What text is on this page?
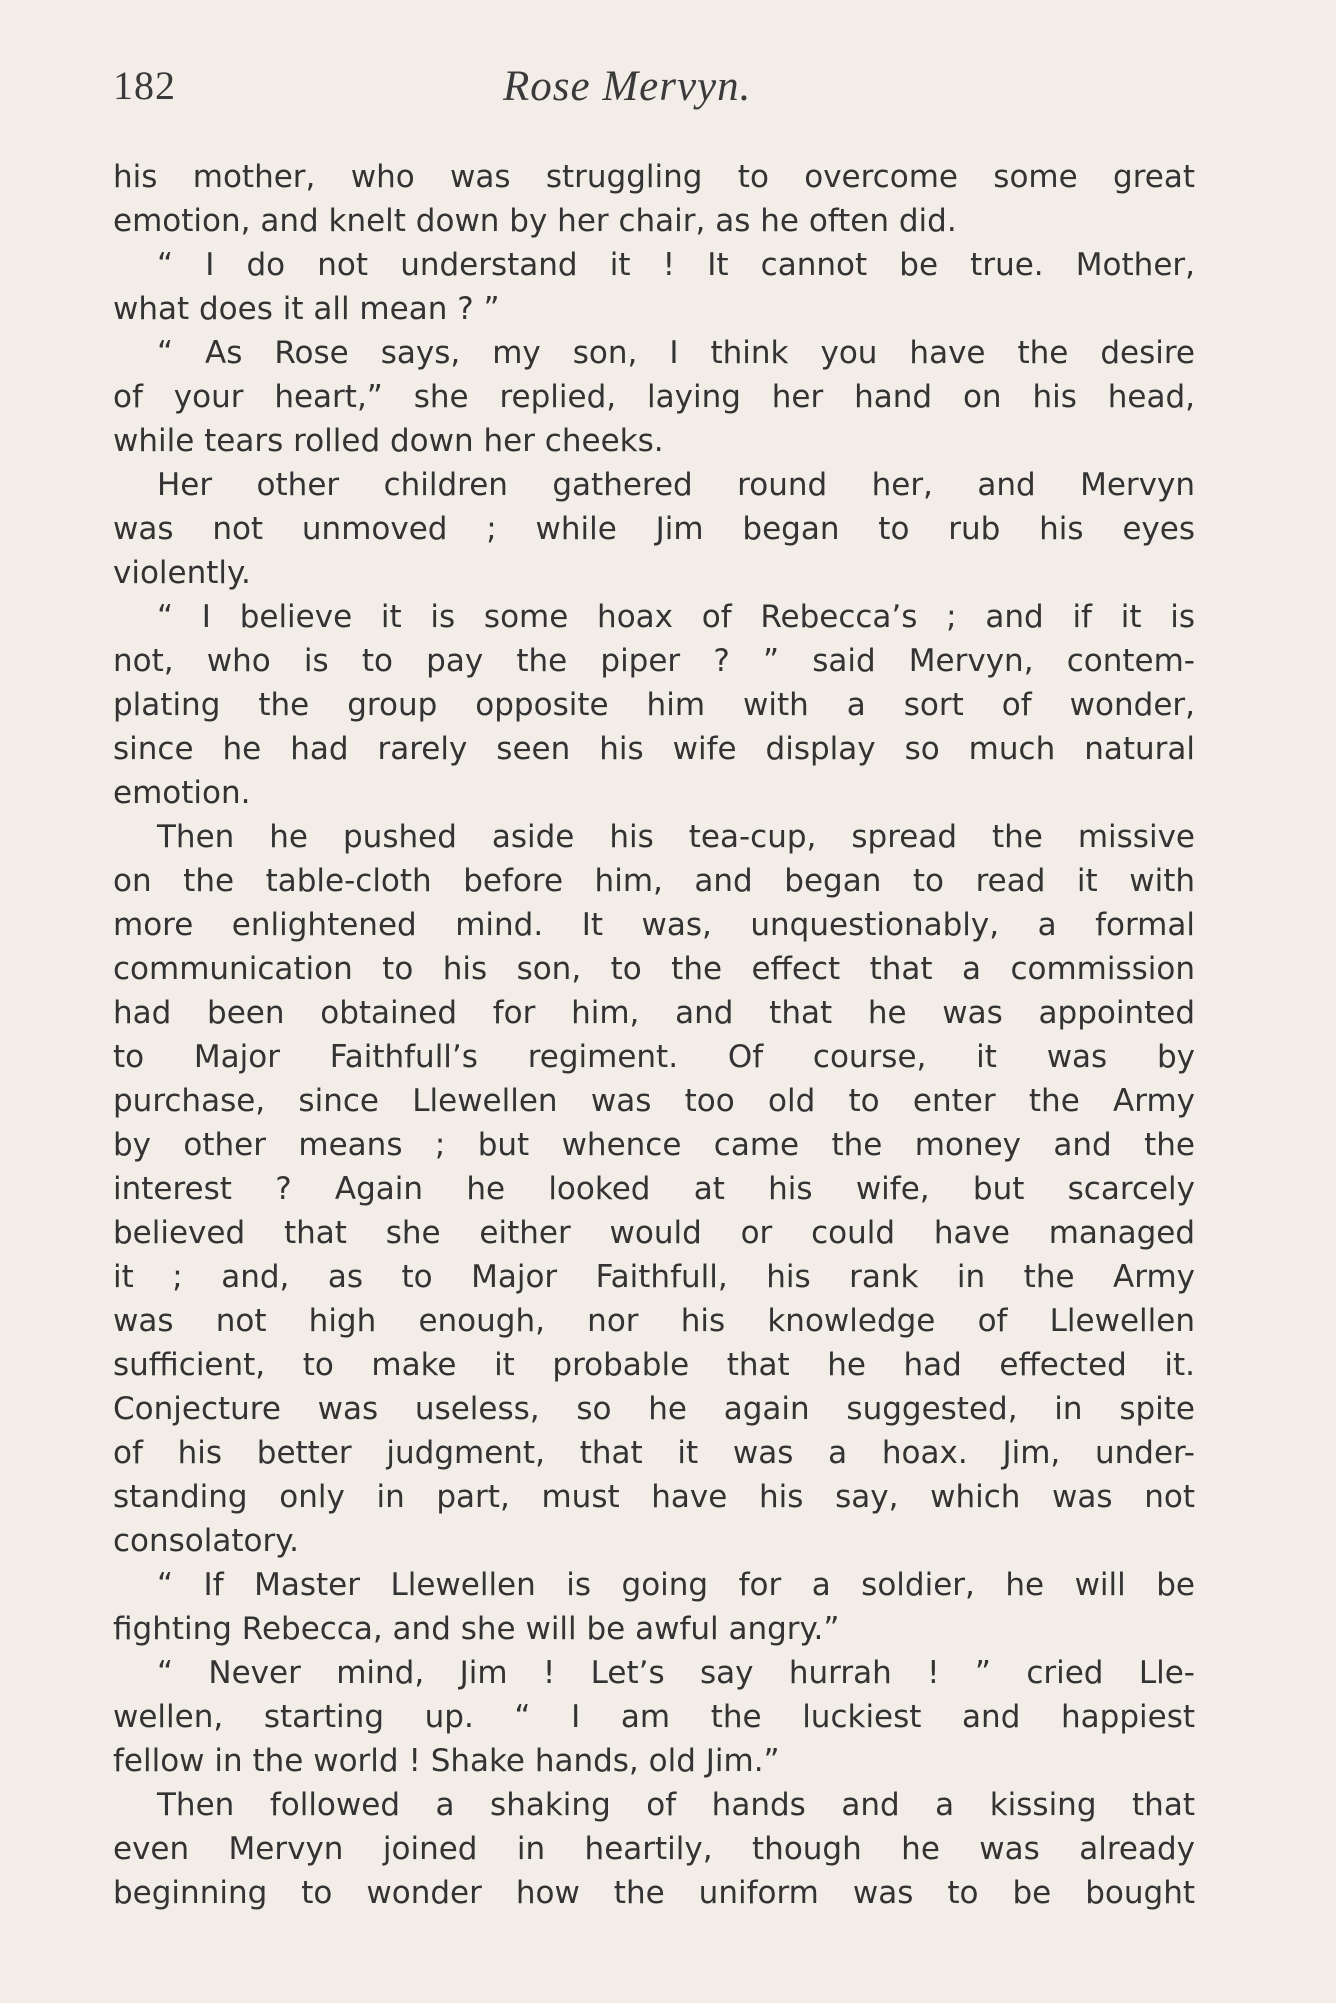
182	Rose Mervyn.
his mother, who was struggling to overcome some great
emotion, and knelt down by her chair, as he often did.
“ I do not understand it ! It cannot be true. Mother,
what does it all mean ? ”
“ As Rose says, my son, I think you have the desire
of your heart,” she replied, laying her hand on his head,
while tears rolled down her cheeks.
Her other children gathered round her, and Mervyn
was not unmoved ; while Jim began to rub his eyes
violently.
“ I believe it is some hoax of Rebecca’s ; and if it is
not, who is to pay the piper ? ” said Mervyn, contem-
plating the group opposite him with a sort of wonder,
since he had rarely seen his wife display so much natural
emotion.
Then he pushed aside his tea-cup, spread the missive
on the table-cloth before him, and began to read it with
more enlightened mind. It was, unquestionably, a formal
communication to his son, to the effect that a commission
had been obtained for him, and that he was appointed
to Major Faithfull’s regiment. Of course, it was by
purchase, since Llewellen was too old to enter the Army
by other means ; but whence came the money and the
interest ? Again he looked at his wife, but scarcely
believed that she either would or could have managed
it ; and, as to Major Faithfull, his rank in the Army
was not high enough, nor his knowledge of Llewellen
sufficient, to make it probable that he had effected it.
Conjecture was useless, so he again suggested, in spite
of his better judgment, that it was a hoax. Jim, under-
standing only in part, must have his say, which was not
consolatory.
“ If Master Llewellen is going for a soldier, he will be
fighting Rebecca, and she will be awful angry.”
“ Never mind, Jim ! Let’s say hurrah ! ” cried Lle-
wellen, starting up. “ I am the luckiest and happiest
fellow in the world ! Shake hands, old Jim.”
Then followed a shaking of hands and a kissing that
even Mervyn joined in heartily, though he was already
beginning to wonder how the uniform was to be bought
